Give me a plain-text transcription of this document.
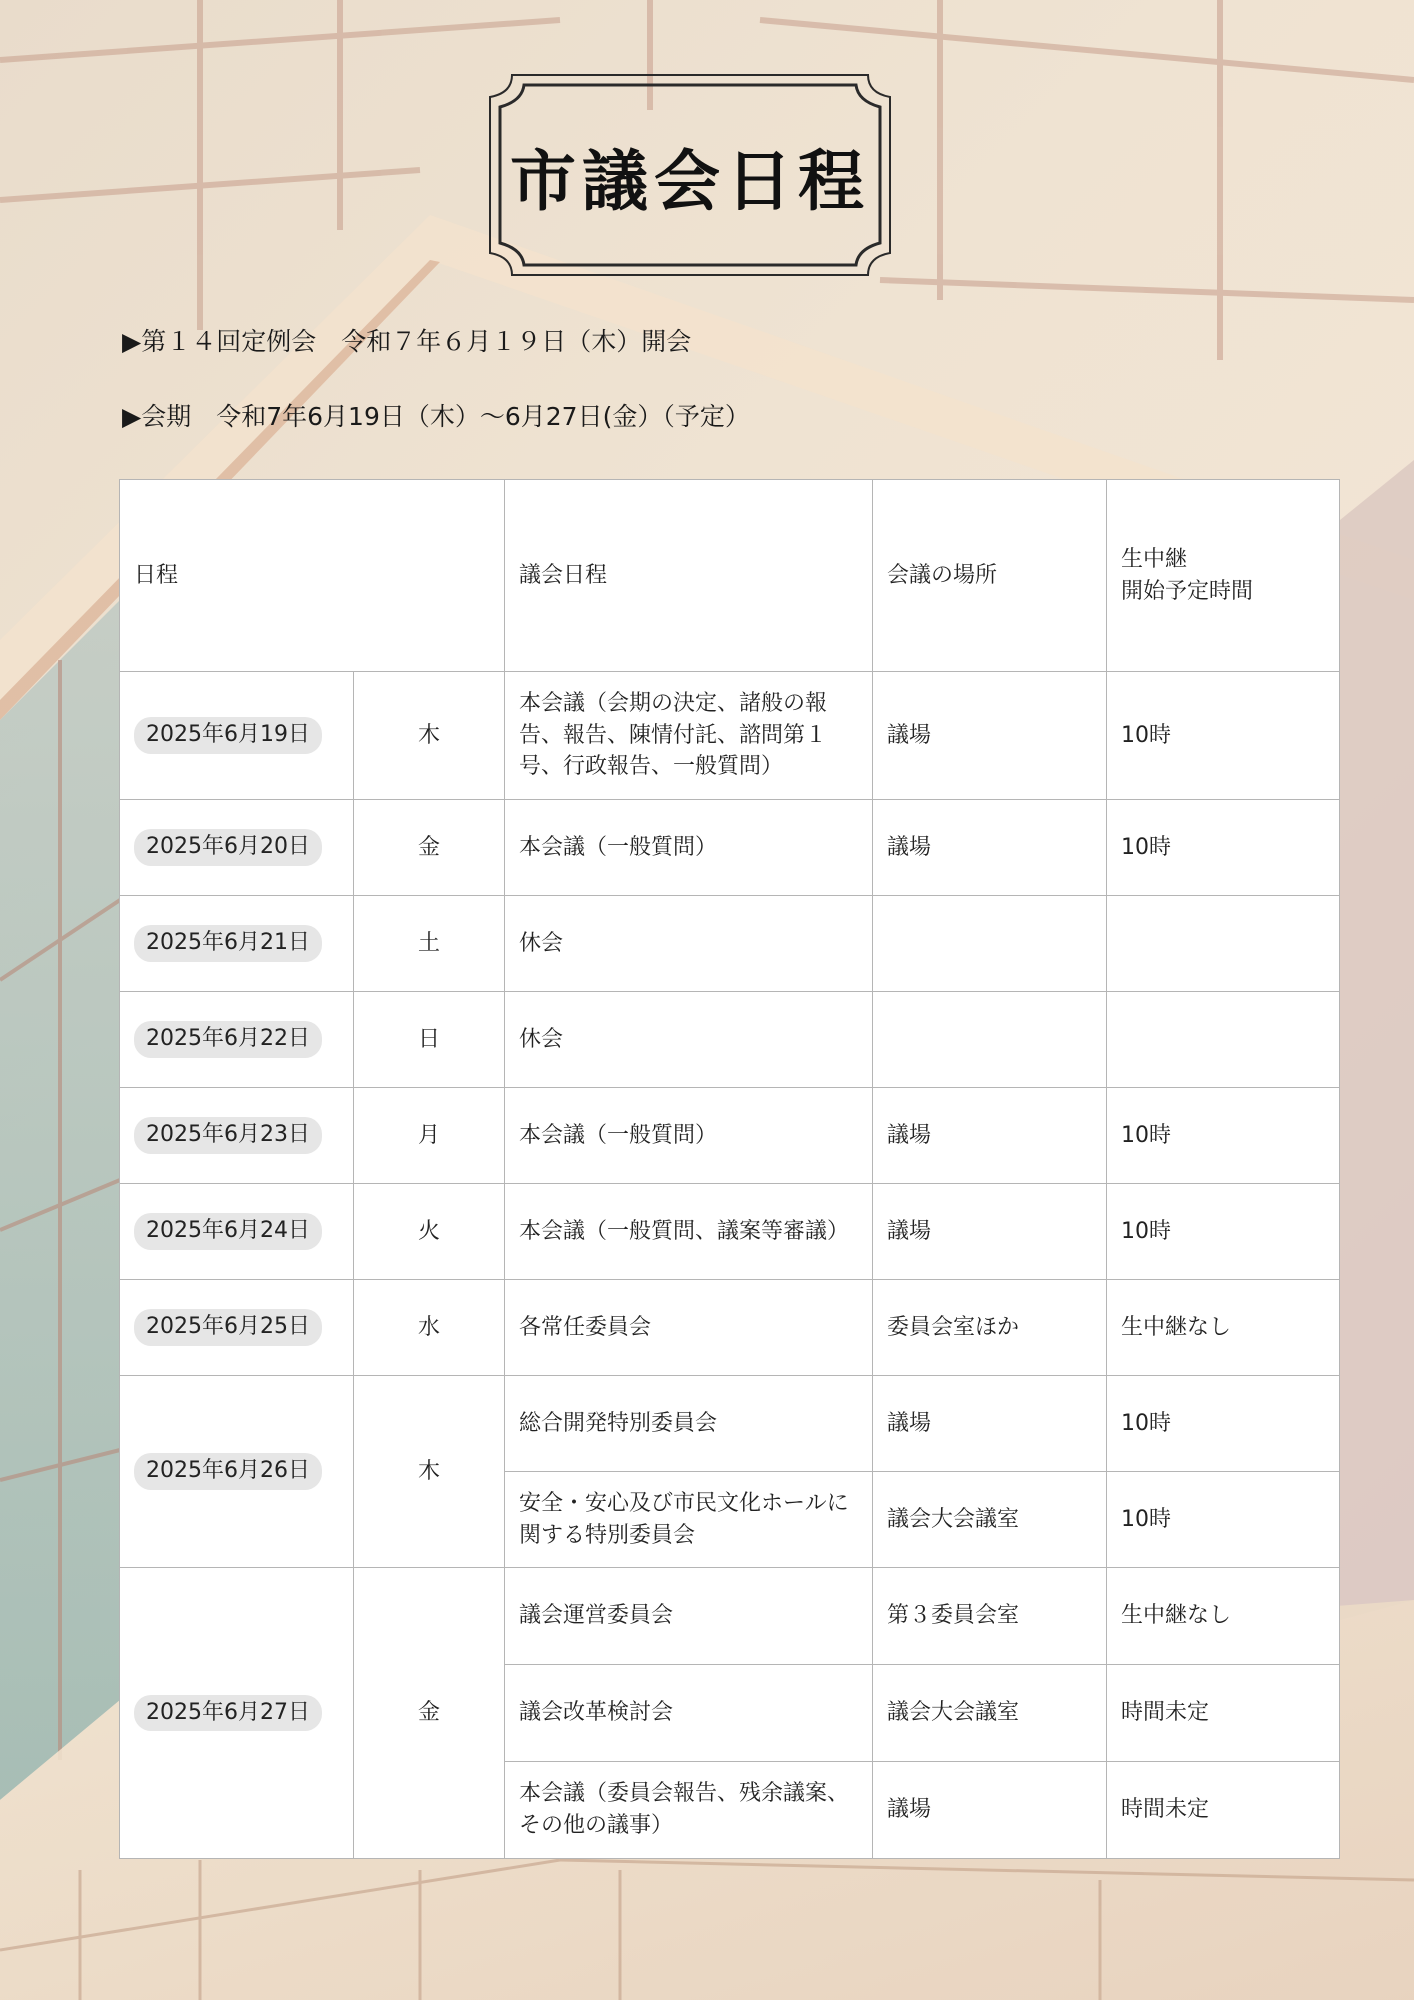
市議会日程
▶第１４回定例会　令和７年６月１９日（木）開会
▶会期　令和7年6月19日（木）～6月27日(金）（予定）
日程		議会日程	会議の場所	生中継
開始予定時間
2025年6月19日	木	本会議（会期の決定、諸般の報告、報告、陳情付託、諮問第１号、行政報告、一般質問）	議場	10時
2025年6月20日	金	本会議（一般質問）	議場	10時
2025年6月21日	土	休会		
2025年6月22日	日	休会		
2025年6月23日	月	本会議（一般質問）	議場	10時
2025年6月24日	火	本会議（一般質問、議案等審議）	議場	10時
2025年6月25日	水	各常任委員会	委員会室ほか	生中継なし
2025年6月26日	木	総合開発特別委員会	議場	10時
		安全・安心及び市民文化ホールに関する特別委員会	議会大会議室	10時
2025年6月27日	金	議会運営委員会	第３委員会室	生中継なし
		議会改革検討会	議会大会議室	時間未定
		本会議（委員会報告、残余議案、その他の議事）	議場	時間未定
